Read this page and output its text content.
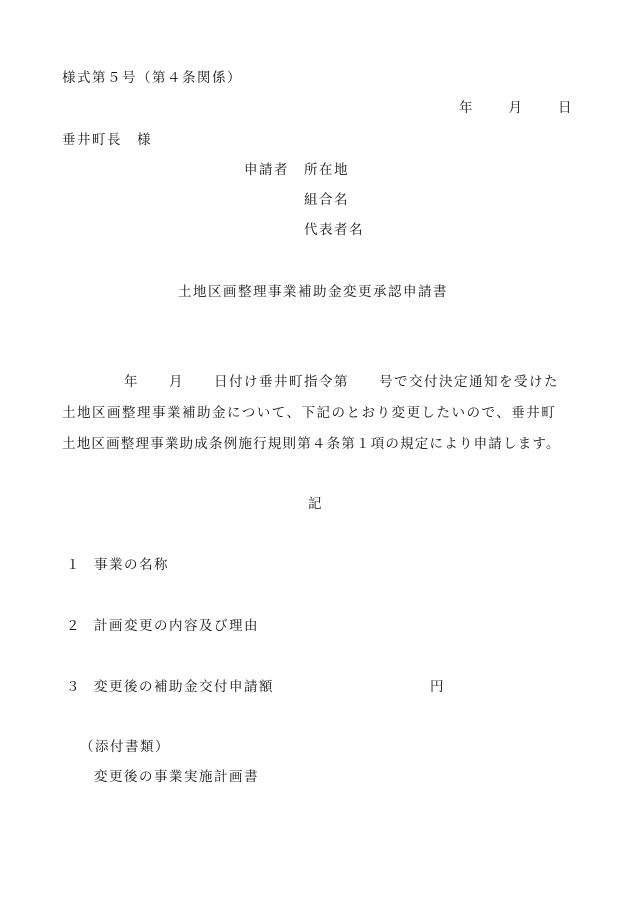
様式第５号（第４条関係）
年　　月　　日
垂井町長　様
申請者 所在地
組合名
代表者名
土地区画整理事業補助金変更承認申請書
年　　月　　日付け垂井町指令第　　号で交付決定通知を受けた
土地区画整理事業補助金について、下記のとおり変更したいので、垂井町
土地区画整理事業助成条例施行規則第４条第１項の規定により申請します。
記
１ 事業の名称
２ 計画変更の内容及び理由
３ 変更後の補助金交付申請額	円
（添付書類）
変更後の事業実施計画書
